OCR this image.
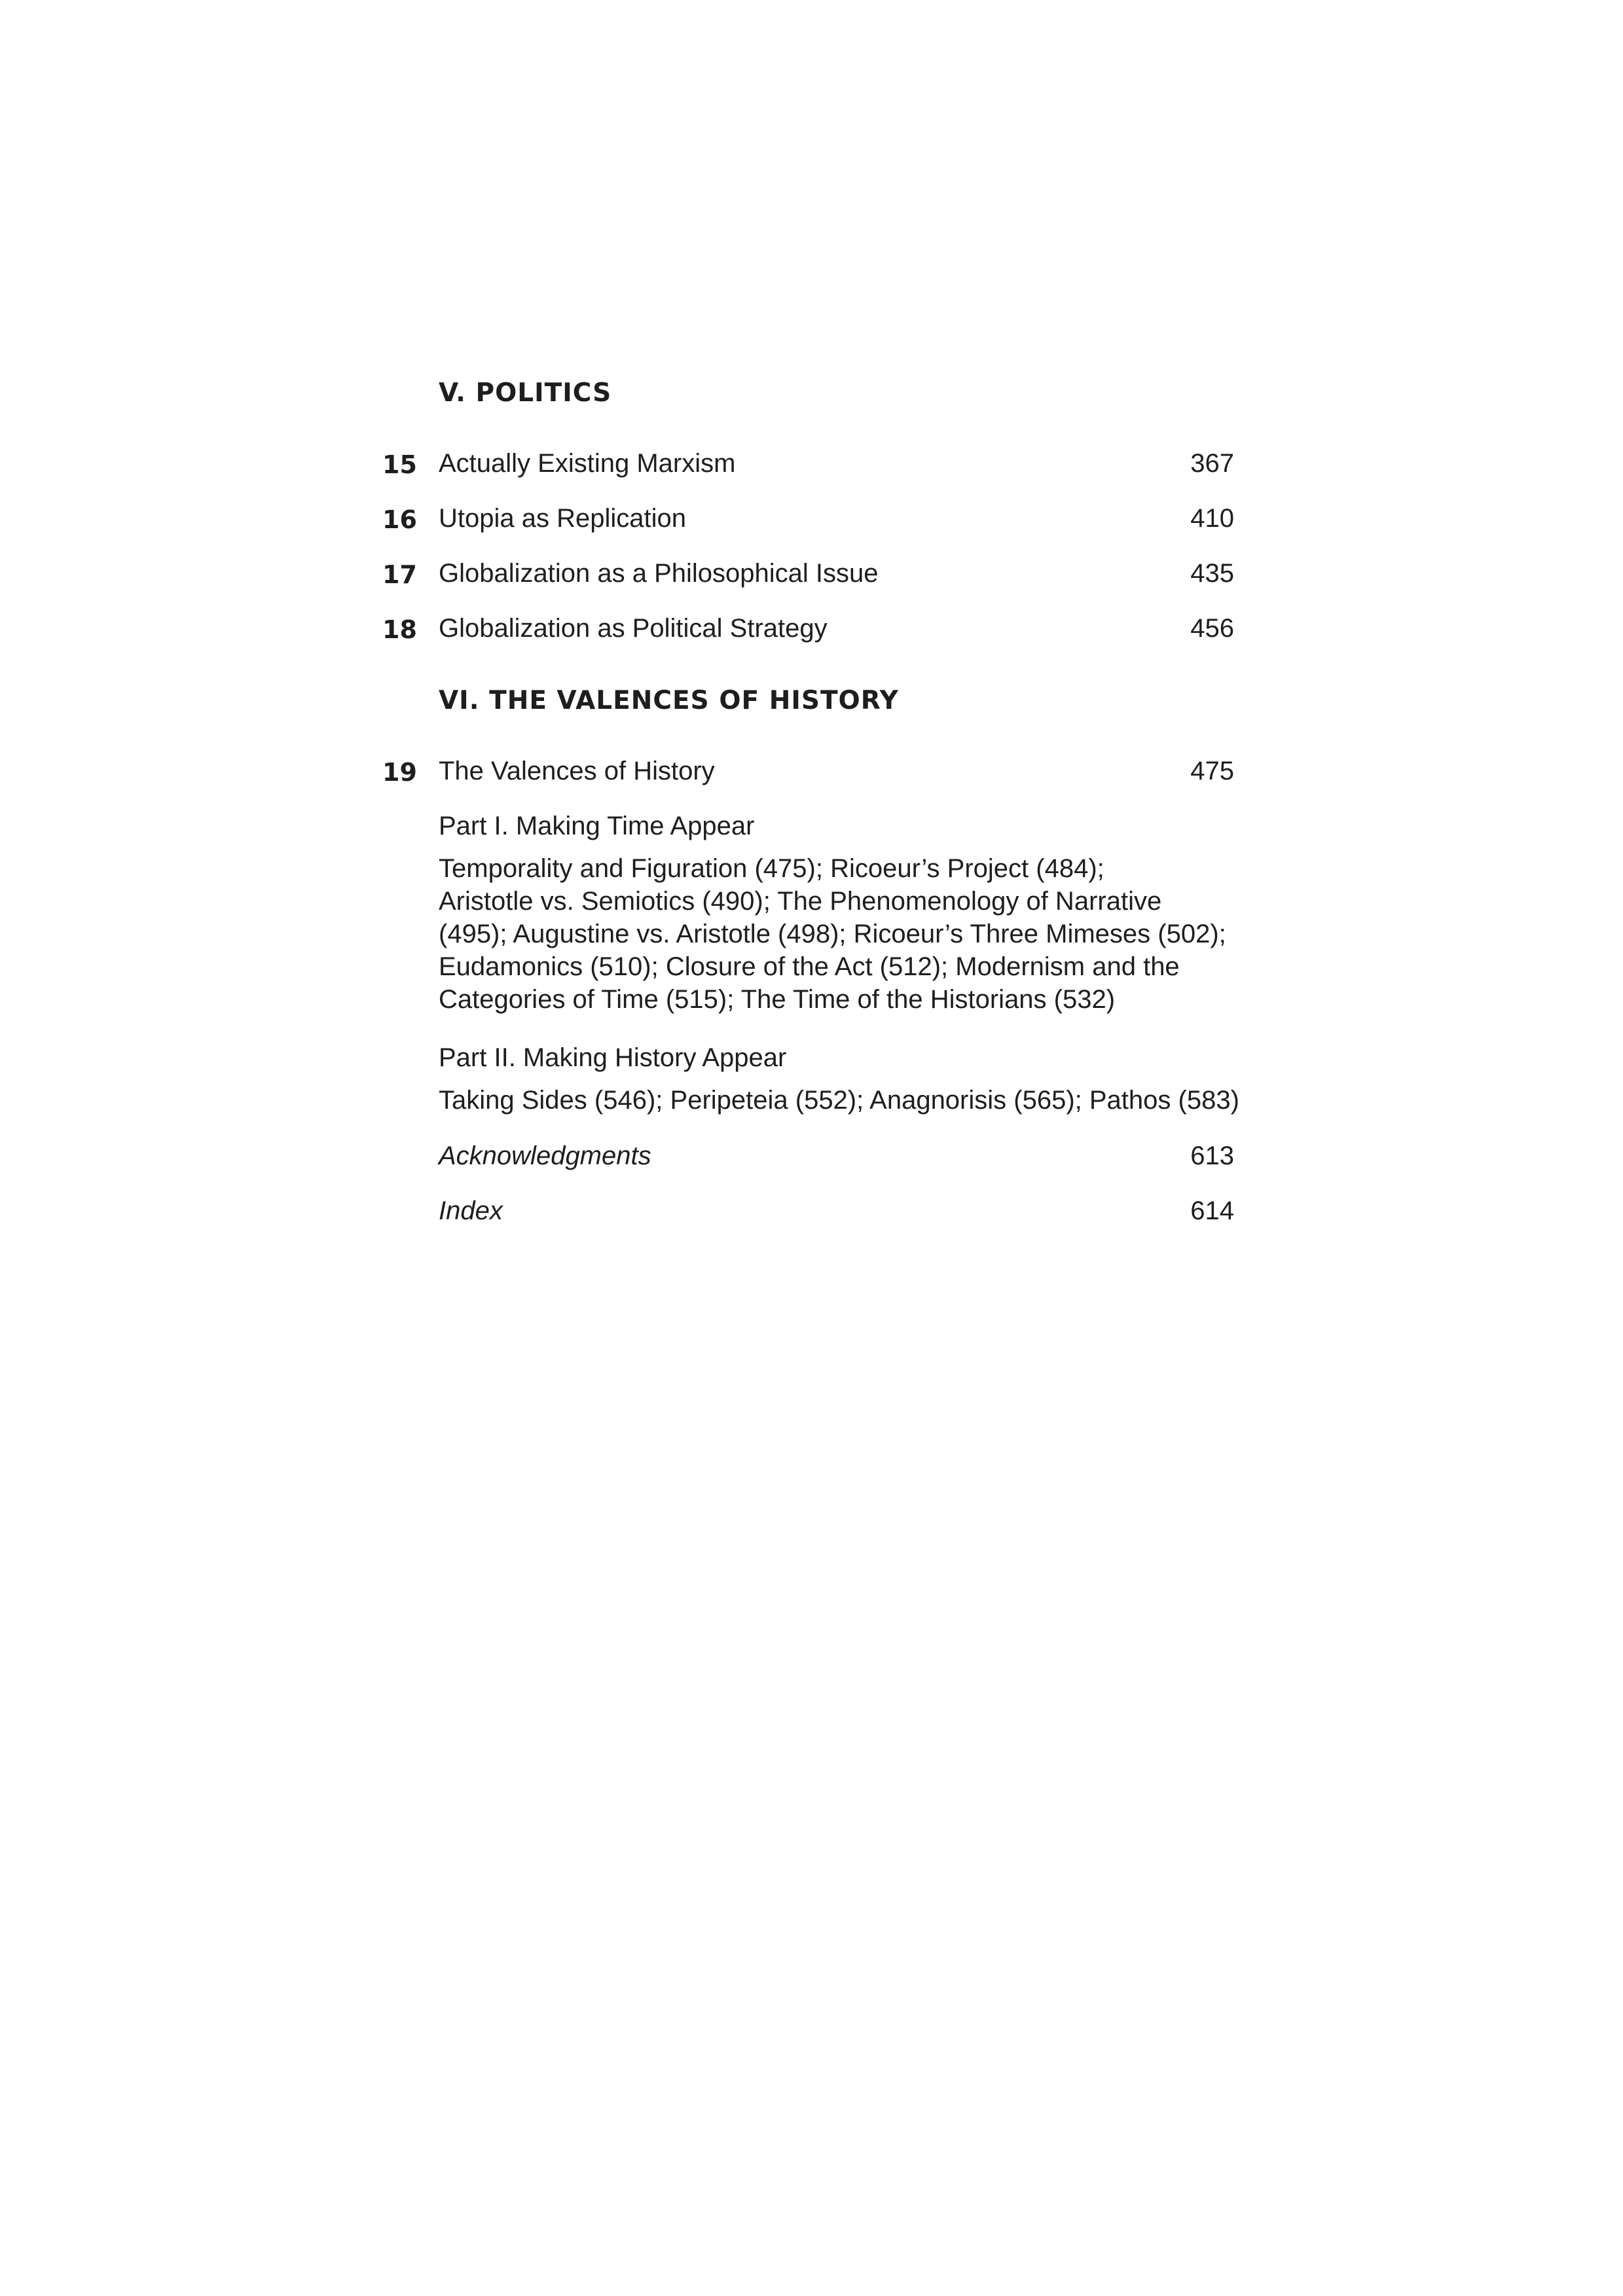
V. POLITICS
15 Actually Existing Marxism	367
16 Utopia as Replication	410
17 Globalization as a Philosophical Issue	435
18 Globalization as Political Strategy	456
VI. THE VALENCES OF HISTORY
19 The Valences of History	475
Part I. Making Time Appear
Temporality and Figuration (475); Ricoeur’s Project (484);
Aristotle vs. Semiotics (490); The Phenomenology of Narrative
(495); Augustine vs. Aristotle (498); Ricoeur’s Three Mimeses (502);
Eudamonics (510); Closure of the Act (512); Modernism and the
Categories of Time (515); The Time of the Historians (532)
Part II. Making History Appear
Taking Sides (546); Peripeteia (552); Anagnorisis (565); Pathos (583)
Acknowledgments	613
Index	614
